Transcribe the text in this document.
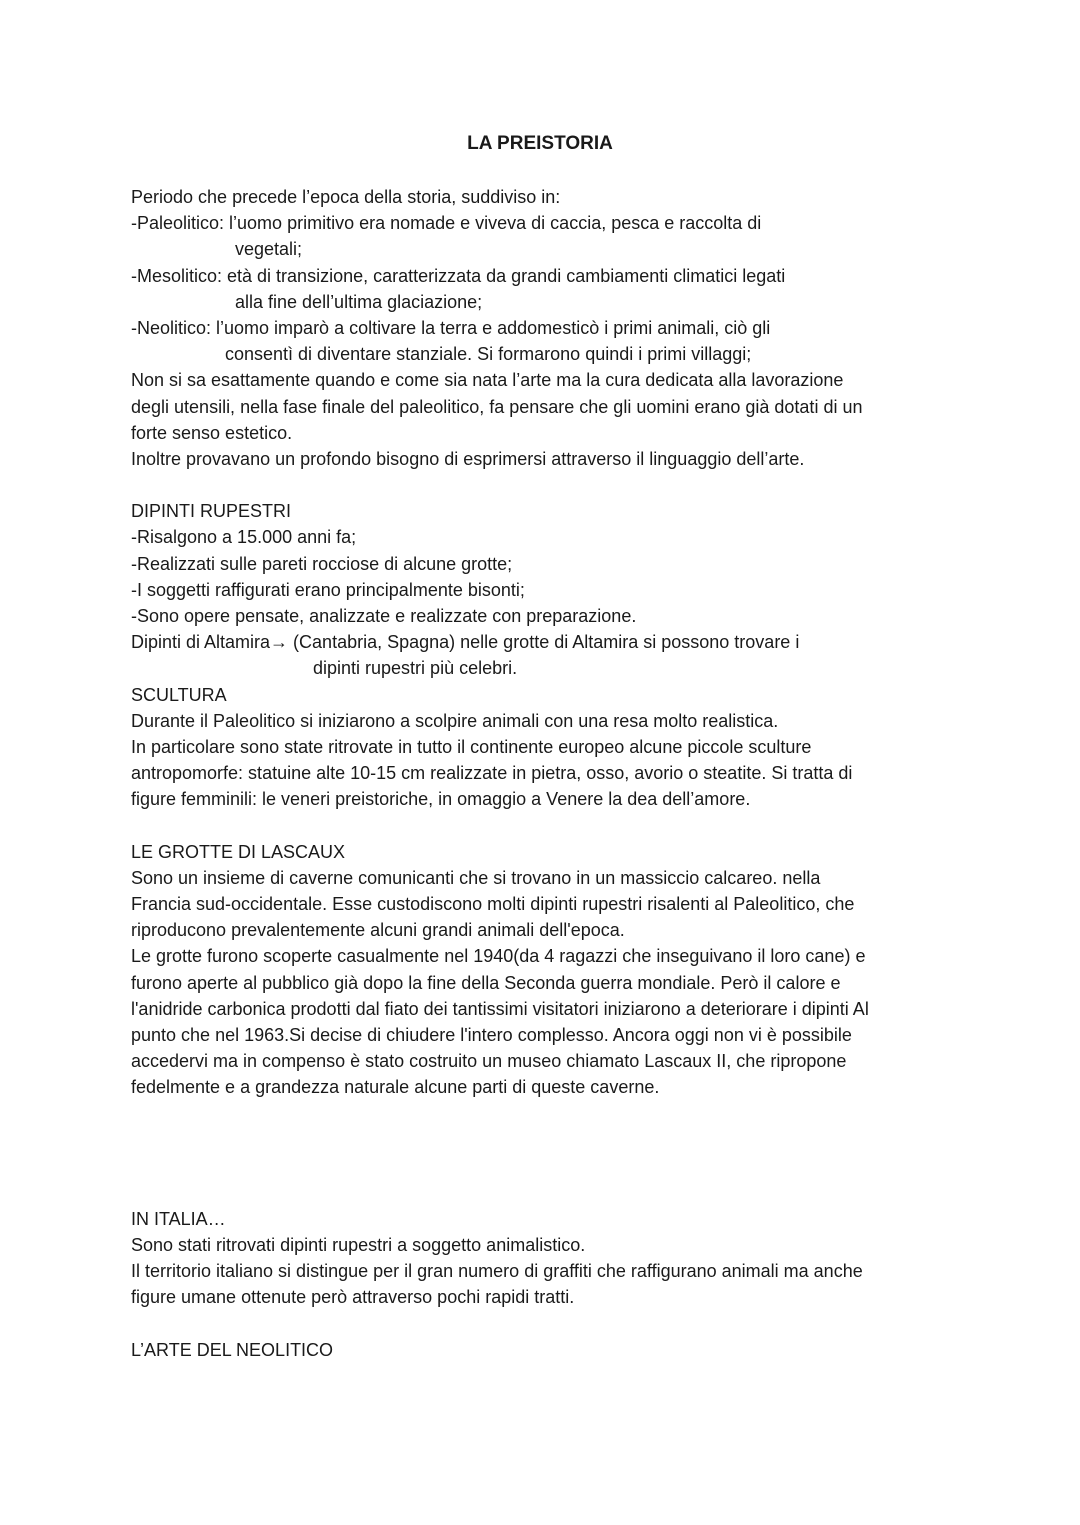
LA PREISTORIA
Periodo che precede l’epoca della storia, suddiviso in:
-Paleolitico: l’uomo primitivo era nomade e viveva di caccia, pesca e raccolta di
vegetali;
-Mesolitico: età di transizione, caratterizzata da grandi cambiamenti climatici legati
alla fine dell’ultima glaciazione;
-Neolitico: l’uomo imparò a coltivare la terra e addomesticò i primi animali, ciò gli
consentì di diventare stanziale. Si formarono quindi i primi villaggi;
Non si sa esattamente quando e come sia nata l’arte ma la cura dedicata alla lavorazione
degli utensili, nella fase finale del paleolitico, fa pensare che gli uomini erano già dotati di un
forte senso estetico.
Inoltre provavano un profondo bisogno di esprimersi attraverso il linguaggio dell’arte.
DIPINTI RUPESTRI
-Risalgono a 15.000 anni fa;
-Realizzati sulle pareti rocciose di alcune grotte;
-I soggetti raffigurati erano principalmente bisonti;
-Sono opere pensate, analizzate e realizzate con preparazione.
Dipinti di Altamira→ (Cantabria, Spagna) nelle grotte di Altamira si possono trovare i
dipinti rupestri più celebri.
SCULTURA
Durante il Paleolitico si iniziarono a scolpire animali con una resa molto realistica.
In particolare sono state ritrovate in tutto il continente europeo alcune piccole sculture
antropomorfe: statuine alte 10-15 cm realizzate in pietra, osso, avorio o steatite. Si tratta di
figure femminili: le veneri preistoriche, in omaggio a Venere la dea dell’amore.
LE GROTTE DI LASCAUX
Sono un insieme di caverne comunicanti che si trovano in un massiccio calcareo. nella
Francia sud-occidentale. Esse custodiscono molti dipinti rupestri risalenti al Paleolitico, che
riproducono prevalentemente alcuni grandi animali dell'epoca.
Le grotte furono scoperte casualmente nel 1940(da 4 ragazzi che inseguivano il loro cane) e
furono aperte al pubblico già dopo la fine della Seconda guerra mondiale. Però il calore e
l'anidride carbonica prodotti dal fiato dei tantissimi visitatori iniziarono a deteriorare i dipinti Al
punto che nel 1963.Si decise di chiudere l'intero complesso. Ancora oggi non vi è possibile
accedervi ma in compenso è stato costruito un museo chiamato Lascaux II, che ripropone
fedelmente e a grandezza naturale alcune parti di queste caverne.
IN ITALIA…
Sono stati ritrovati dipinti rupestri a soggetto animalistico.
Il territorio italiano si distingue per il gran numero di graffiti che raffigurano animali ma anche
figure umane ottenute però attraverso pochi rapidi tratti.
L’ARTE DEL NEOLITICO
